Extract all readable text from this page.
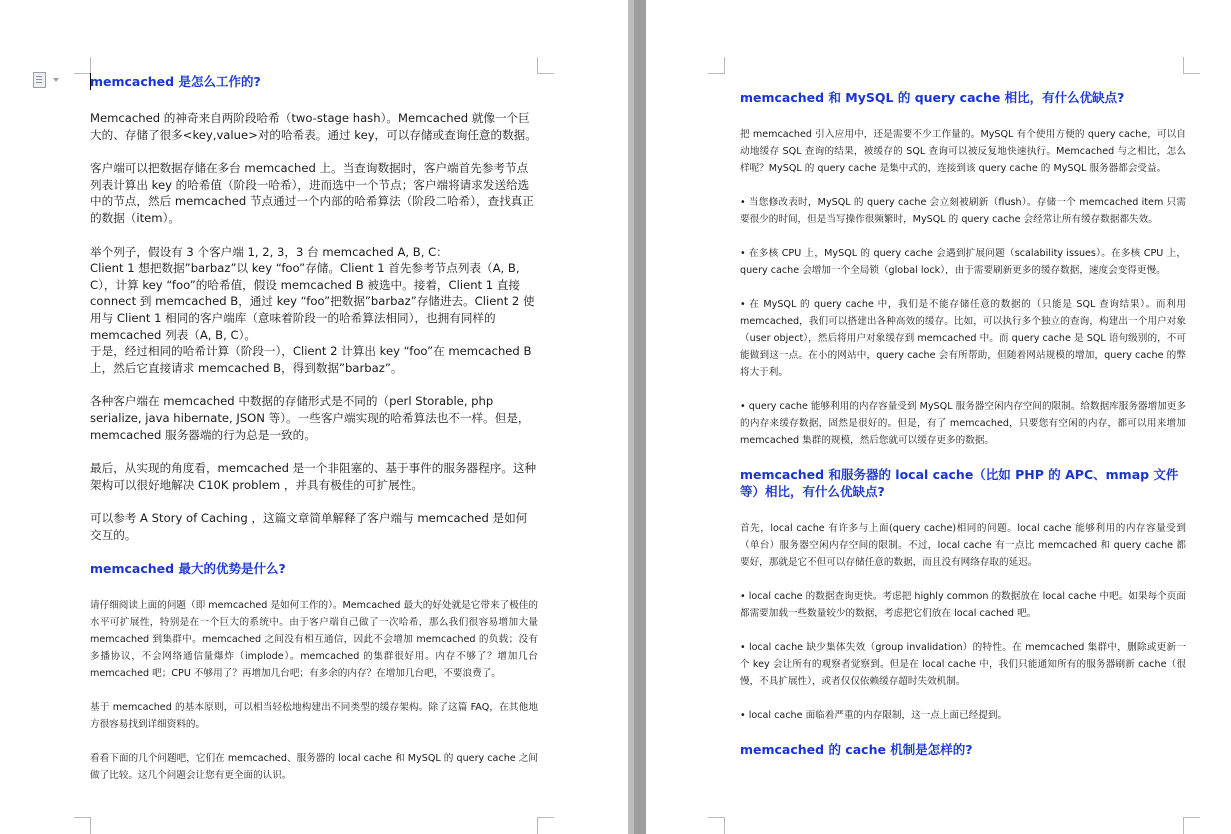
memcached 是怎么工作的?

Memcached 的神奇来自两阶段哈希（two-stage hash）。Memcached 就像一个巨大的、存储了很多<key,value>对的哈希表。通过 key，可以存储或查询任意的数据。

客户端可以把数据存储在多台 memcached 上。当查询数据时，客户端首先参考节点列表计算出 key 的哈希值（阶段一哈希），进而选中一个节点；客户端将请求发送给选中的节点，然后 memcached 节点通过一个内部的哈希算法（阶段二哈希），查找真正的数据（item）。

举个列子，假设有 3 个客户端 1, 2, 3，3 台 memcached A, B, C：

Client 1 想把数据”barbaz”以 key “foo”存储。Client 1 首先参考节点列表（A, B, C），计算 key “foo”的哈希值，假设 memcached B 被选中。接着，Client 1 直接 connect 到 memcached B，通过 key “foo”把数据”barbaz”存储进去。Client 2 使用与 Client 1 相同的客户端库（意味着阶段一的哈希算法相同），也拥有同样的 memcached 列表（A, B, C）。

于是，经过相同的哈希计算（阶段一），Client 2 计算出 key “foo”在 memcached B 上，然后它直接请求 memcached B，得到数据”barbaz”。

各种客户端在 memcached 中数据的存储形式是不同的（perl Storable, php serialize, java hibernate, JSON 等）。一些客户端实现的哈希算法也不一样。但是，memcached 服务器端的行为总是一致的。

最后，从实现的角度看，memcached 是一个非阻塞的、基于事件的服务器程序。这种架构可以很好地解决 C10K problem ，并具有极佳的可扩展性。

可以参考 A Story of Caching ，这篇文章简单解释了客户端与 memcached 是如何交互的。

memcached 最大的优势是什么?

请仔细阅读上面的问题（即 memcached 是如何工作的）。Memcached 最大的好处就是它带来了极佳的水平可扩展性，特别是在一个巨大的系统中。由于客户端自己做了一次哈希，那么我们很容易增加大量 memcached 到集群中。memcached 之间没有相互通信，因此不会增加 memcached 的负载；没有多播协议，不会网络通信量爆炸（implode）。memcached 的集群很好用。内存不够了？增加几台 memcached 吧；CPU 不够用了？再增加几台吧；有多余的内存？在增加几台吧，不要浪费了。

基于 memcached 的基本原则，可以相当轻松地构建出不同类型的缓存架构。除了这篇 FAQ，在其他地方很容易找到详细资料的。

看看下面的几个问题吧，它们在 memcached、服务器的 local cache 和 MySQL 的 query cache 之间做了比较。这几个问题会让您有更全面的认识。

memcached 和 MySQL 的 query cache 相比，有什么优缺点?

把 memcached 引入应用中，还是需要不少工作量的。MySQL 有个使用方便的 query cache，可以自动地缓存 SQL 查询的结果，被缓存的 SQL 查询可以被反复地快速执行。Memcached 与之相比，怎么样呢？MySQL 的 query cache 是集中式的，连接到该 query cache 的 MySQL 服务器都会受益。

• 当您修改表时，MySQL 的 query cache 会立刻被刷新（flush）。存储一个 memcached item 只需要很少的时间，但是当写操作很频繁时，MySQL 的 query cache 会经常让所有缓存数据都失效。

• 在多核 CPU 上，MySQL 的 query cache 会遇到扩展问题（scalability issues）。在多核 CPU 上，query cache 会增加一个全局锁（global lock），由于需要刷新更多的缓存数据，速度会变得更慢。

• 在 MySQL 的 query cache 中，我们是不能存储任意的数据的（只能是 SQL 查询结果）。而利用 memcached，我们可以搭建出各种高效的缓存。比如，可以执行多个独立的查询，构建出一个用户对象（user object），然后将用户对象缓存到 memcached 中。而 query cache 是 SQL 语句级别的，不可能做到这一点。在小的网站中，query cache 会有所帮助，但随着网站规模的增加，query cache 的弊将大于利。

• query cache 能够利用的内存容量受到 MySQL 服务器空闲内存空间的限制。给数据库服务器增加更多的内存来缓存数据，固然是很好的。但是，有了 memcached，只要您有空闲的内存，都可以用来增加 memcached 集群的规模，然后您就可以缓存更多的数据。

memcached 和服务器的 local cache（比如 PHP 的 APC、mmap 文件等）相比，有什么优缺点?

首先，local cache 有许多与上面(query cache)相同的问题。local cache 能够利用的内存容量受到（单台）服务器空闲内存空间的限制。不过，local cache 有一点比 memcached 和 query cache 都要好，那就是它不但可以存储任意的数据，而且没有网络存取的延迟。

• local cache 的数据查询更快。考虑把 highly common 的数据放在 local cache 中吧。如果每个页面都需要加载一些数量较少的数据，考虑把它们放在 local cached 吧。

• local cache 缺少集体失效（group invalidation）的特性。在 memcached 集群中，删除或更新一个 key 会让所有的观察者觉察到。但是在 local cache 中，我们只能通知所有的服务器刷新 cache（很慢，不具扩展性），或者仅仅依赖缓存超时失效机制。

• local cache 面临着严重的内存限制，这一点上面已经提到。

memcached 的 cache 机制是怎样的?
